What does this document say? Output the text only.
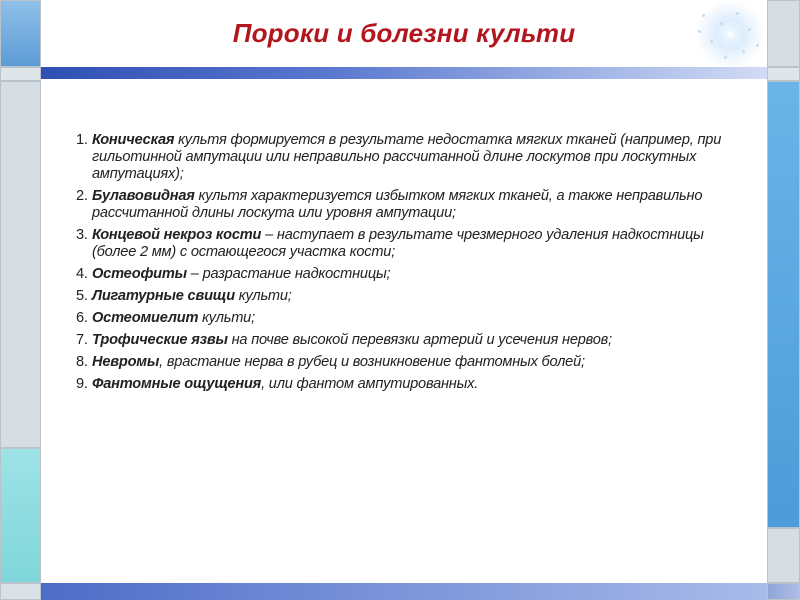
Пороки и болезни культи
1. Коническая культя формируется в результате недостатка мягких тканей (например, при гильотинной ампутации или неправильно рассчитанной длине лоскутов при лоскутных ампутациях);
2. Булавовидная культя характеризуется избытком мягких тканей, а также неправильно рассчитанной длины лоскута или уровня ампутации;
3. Концевой некроз кости – наступает в результате чрезмерного удаления надкостницы (более 2 мм) с остающегося участка кости;
4. Остеофиты – разрастание надкостницы;
5. Лигатурные свищи культи;
6. Остеомиелит культи;
7. Трофические язвы на почве высокой перевязки артерий и усечения нервов;
8. Невромы, врастание нерва в рубец и возникновение фантомных болей;
9. Фантомные ощущения, или фантом ампутированных.
